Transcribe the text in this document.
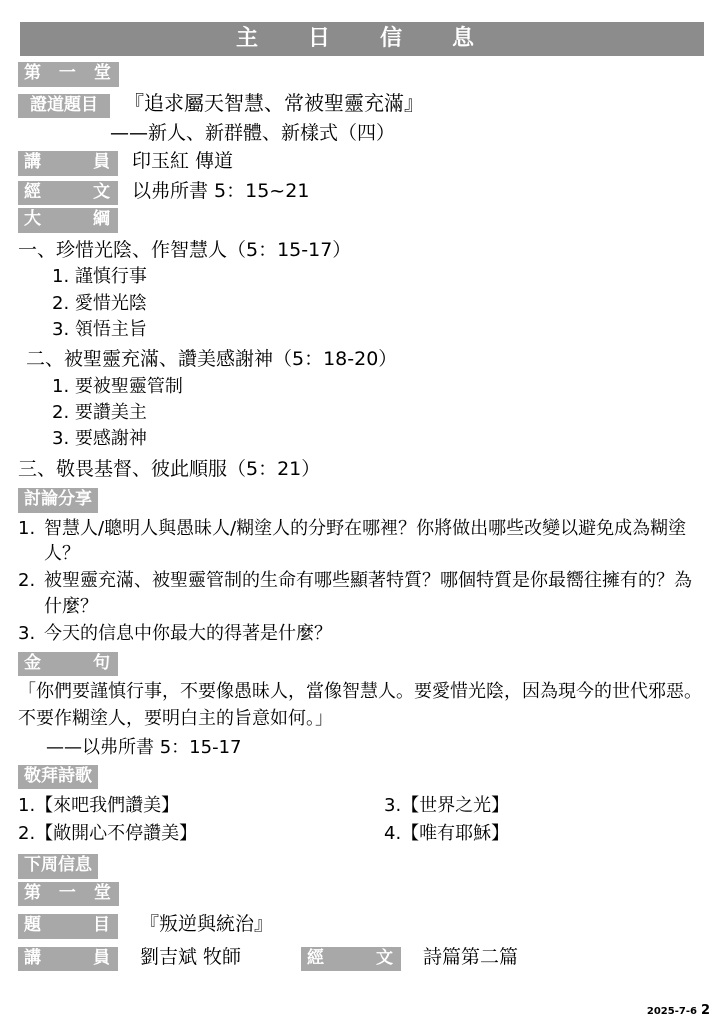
主　日　信　息
第 一 堂
證道題目	『追求屬天智慧、常被聖靈充滿』
——新人、新群體、新樣式（四）
講　　員 印玉紅 傳道
經　　文 以弗所書 5：15~21
大　　綱
一、珍惜光陰、作智慧人（5：15-17）
1. 謹慎行事
2. 愛惜光陰
3. 領悟主旨
二、被聖靈充滿、讚美感謝神（5：18-20）
1. 要被聖靈管制
2. 要讚美主
3. 要感謝神
三、敬畏基督、彼此順服（5：21）
討論分享
1. 智慧人/聰明人與愚昧人/糊塗人的分野在哪裡？你將做出哪些改變以避免成為糊塗人？
2. 被聖靈充滿、被聖靈管制的生命有哪些顯著特質？哪個特質是你最嚮往擁有的？為什麼？
3. 今天的信息中你最大的得著是什麼？
金　　句
「你們要謹慎行事，不要像愚昧人，當像智慧人。要愛惜光陰，因為現今的世代邪惡。不要作糊塗人，要明白主的旨意如何。」
——以弗所書 5：15-17
敬拜詩歌
1.【來吧我們讚美】	3.【世界之光】
2.【敞開心不停讚美】	4.【唯有耶穌】
下周信息
第 一 堂
題　　目 『叛逆與統治』
講　　員 劉吉斌 牧師	經　　文 詩篇第二篇
2025-7-6 2
